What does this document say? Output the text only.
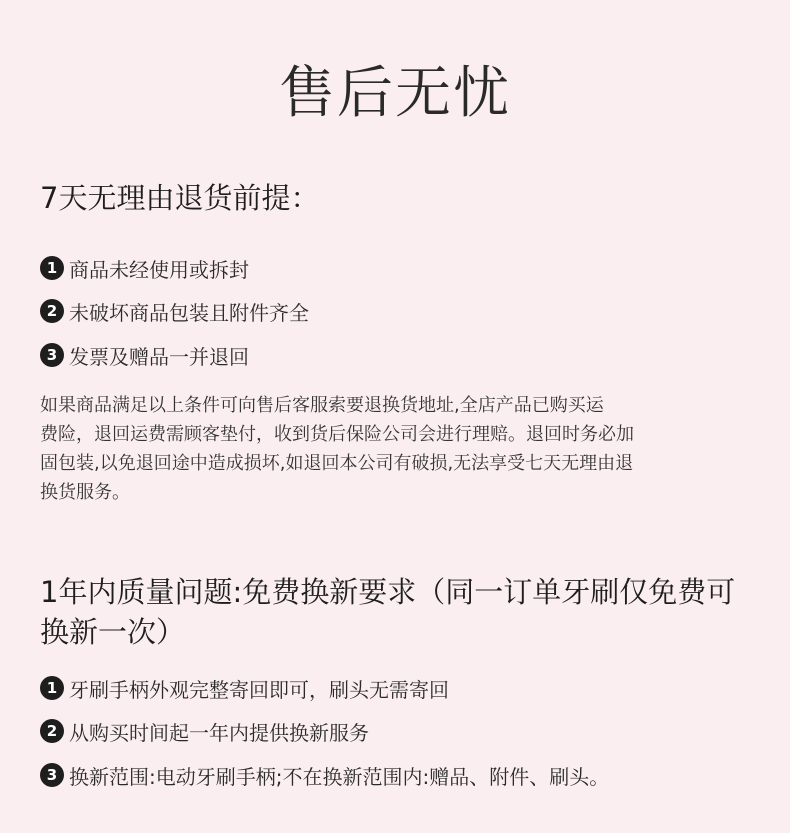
售后无忧
7天无理由退货前提：
1 商品未经使用或拆封
2 未破坏商品包装且附件齐全
3 发票及赠品一并退回
如果商品满足以上条件可向售后客服索要退换货地址,全店产品已购买运
费险，退回运费需顾客垫付，收到货后保险公司会进行理赔。退回时务必加
固包装,以免退回途中造成损坏,如退回本公司有破损,无法享受七天无理由退
换货服务。
1年内质量问题:免费换新要求（同一订单牙刷仅免费可
换新一次）
1 牙刷手柄外观完整寄回即可，刷头无需寄回
2 从购买时间起一年内提供换新服务
3 换新范围:电动牙刷手柄;不在换新范围内:赠品、附件、刷头。
